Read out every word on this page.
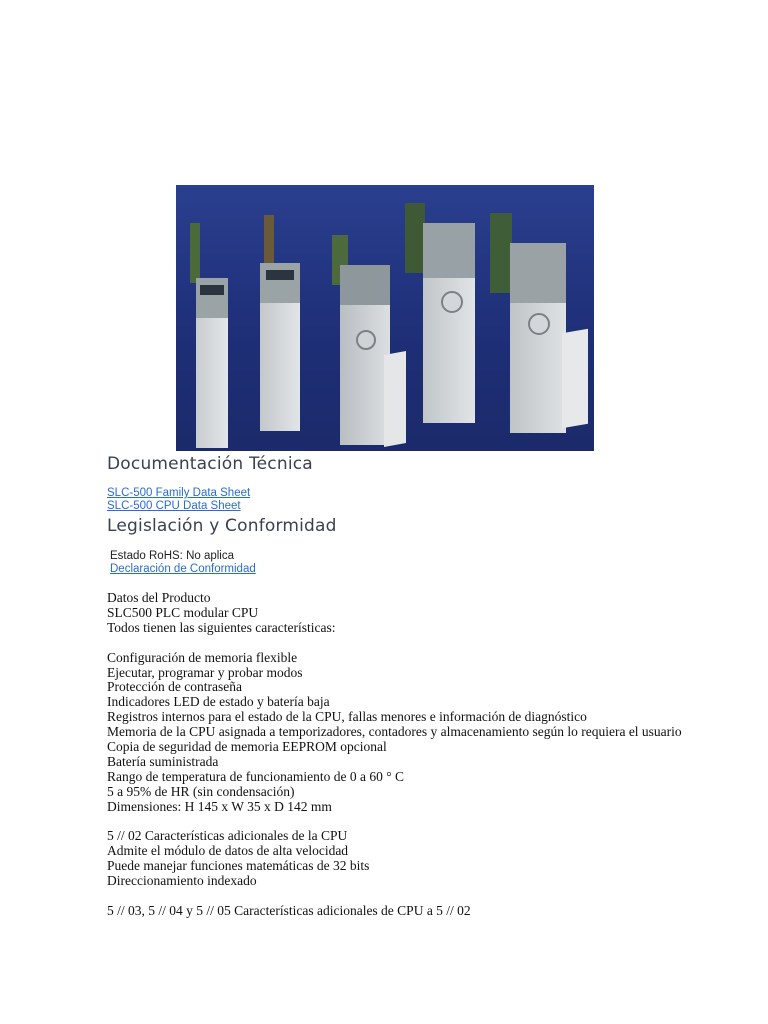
Documentación Técnica
SLC-500 Family Data Sheet
SLC-500 CPU Data Sheet
Legislación y Conformidad
Estado RoHS: No aplica
Declaración de Conformidad
Datos del Producto
SLC500 PLC modular CPU
Todos tienen las siguientes características:
Configuración de memoria flexible
Ejecutar, programar y probar modos
Protección de contraseña
Indicadores LED de estado y batería baja
Registros internos para el estado de la CPU, fallas menores e información de diagnóstico
Memoria de la CPU asignada a temporizadores, contadores y almacenamiento según lo requiera el usuario
Copia de seguridad de memoria EEPROM opcional
Batería suministrada
Rango de temperatura de funcionamiento de 0 a 60 ° C
5 a 95% de HR (sin condensación)
Dimensiones: H 145 x W 35 x D 142 mm
5 // 02 Características adicionales de la CPU
Admite el módulo de datos de alta velocidad
Puede manejar funciones matemáticas de 32 bits
Direccionamiento indexado
5 // 03, 5 // 04 y 5 // 05 Características adicionales de CPU a 5 // 02
